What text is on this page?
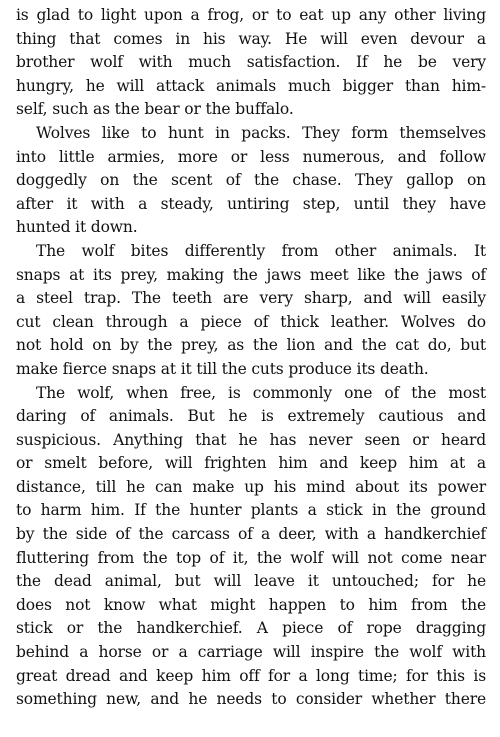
is glad to light upon a frog, or to eat up any other living
thing that comes in his way. He will even devour a
brother wolf with much satisfaction. If he be very
hungry, he will attack animals much bigger than him-
self, such as the bear or the buffalo.
Wolves like to hunt in packs. They form themselves
into little armies, more or less numerous, and follow
doggedly on the scent of the chase. They gallop on
after it with a steady, untiring step, until they have
hunted it down.
The wolf bites differently from other animals. It
snaps at its prey, making the jaws meet like the jaws of
a steel trap. The teeth are very sharp, and will easily
cut clean through a piece of thick leather. Wolves do
not hold on by the prey, as the lion and the cat do, but
make fierce snaps at it till the cuts produce its death.
The wolf, when free, is commonly one of the most
daring of animals. But he is extremely cautious and
suspicious. Anything that he has never seen or heard
or smelt before, will frighten him and keep him at a
distance, till he can make up his mind about its power
to harm him. If the hunter plants a stick in the ground
by the side of the carcass of a deer, with a handkerchief
fluttering from the top of it, the wolf will not come near
the dead animal, but will leave it untouched; for he
does not know what might happen to him from the
stick or the handkerchief. A piece of rope dragging
behind a horse or a carriage will inspire the wolf with
great dread and keep him off for a long time; for this is
something new, and he needs to consider whether there
